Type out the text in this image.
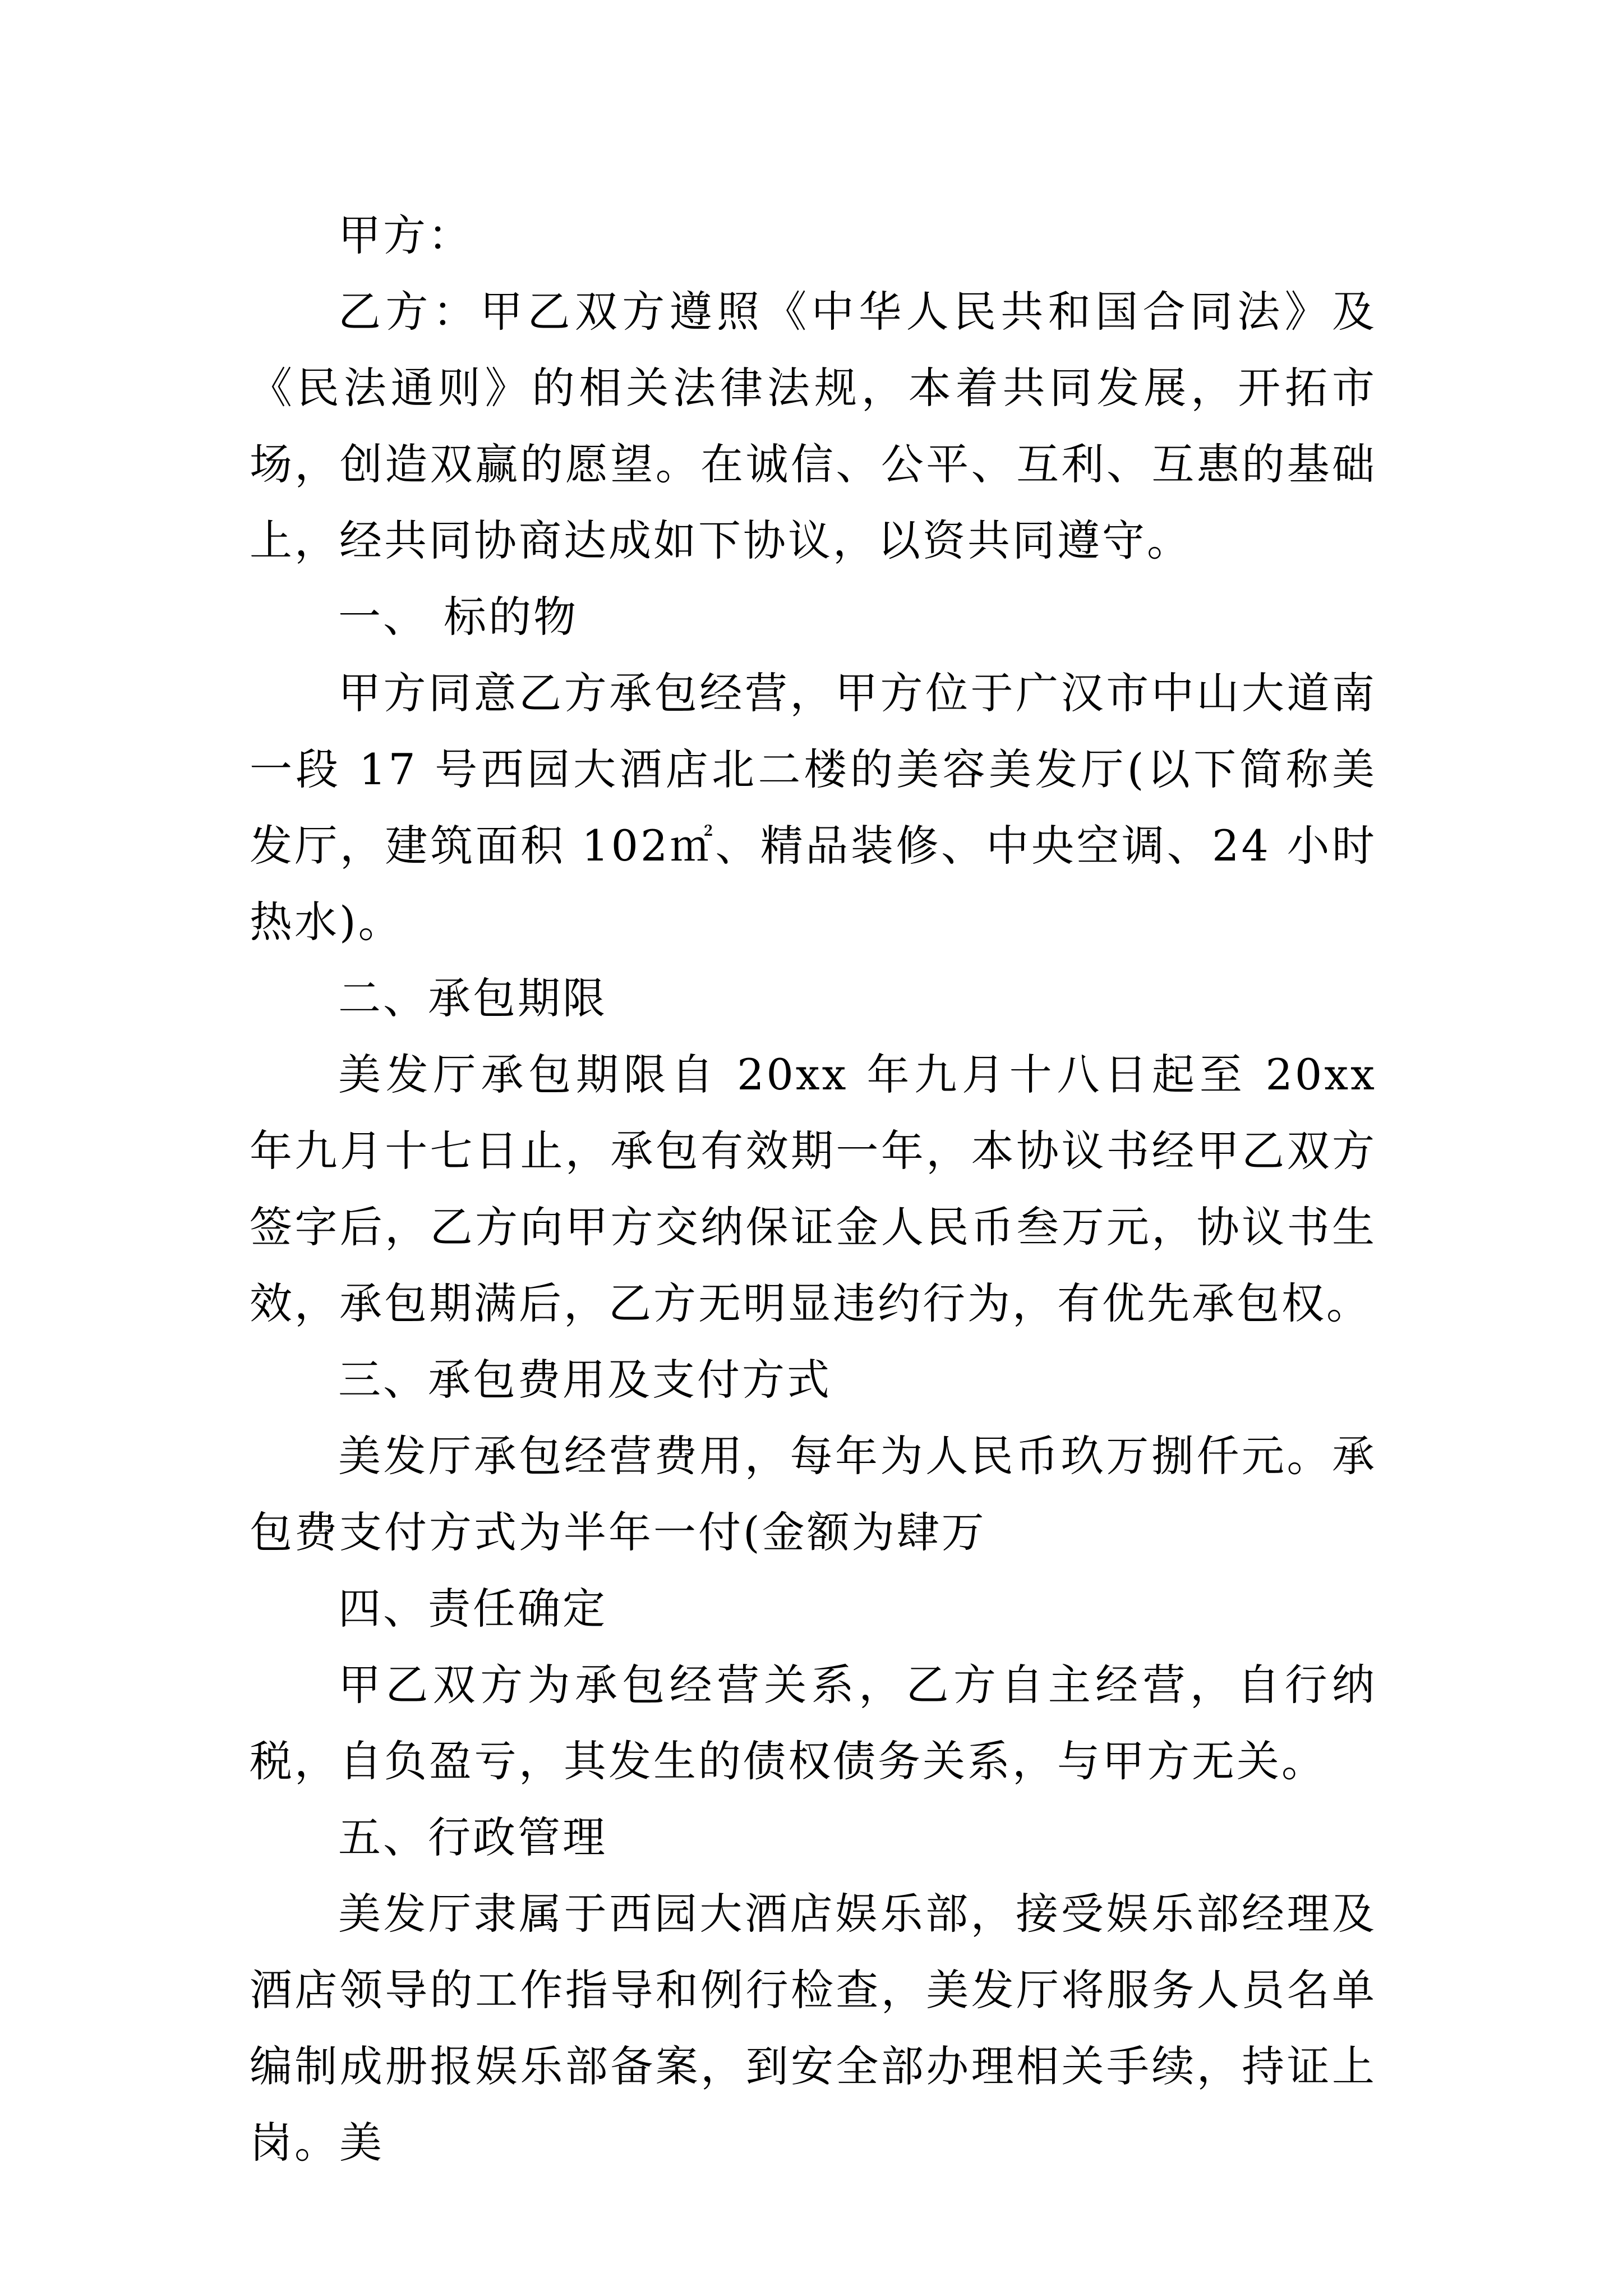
甲方：

乙方：甲乙双方遵照《中华人民共和国合同法》及《民法通则》的相关法律法规，本着共同发展，开拓市场，创造双赢的愿望。在诚信、公平、互利、互惠的基础上，经共同协商达成如下协议，以资共同遵守。

一、 标的物

甲方同意乙方承包经营，甲方位于广汉市中山大道南一段 17 号西园大酒店北二楼的美容美发厅(以下简称美发厅，建筑面积 102㎡、精品装修、中央空调、24 小时热水)。

二、承包期限

美发厅承包期限自 20xx 年九月十八日起至 20xx 年九月十七日止，承包有效期一年，本协议书经甲乙双方签字后，乙方向甲方交纳保证金人民币叁万元，协议书生效，承包期满后，乙方无明显违约行为，有优先承包权。

三、承包费用及支付方式

美发厅承包经营费用，每年为人民币玖万捌仟元。承包费支付方式为半年一付(金额为肆万

四、责任确定

甲乙双方为承包经营关系，乙方自主经营，自行纳税，自负盈亏，其发生的债权债务关系，与甲方无关。

五、行政管理

美发厅隶属于西园大酒店娱乐部，接受娱乐部经理及酒店领导的工作指导和例行检查，美发厅将服务人员名单编制成册报娱乐部备案，到安全部办理相关手续，持证上岗。美
